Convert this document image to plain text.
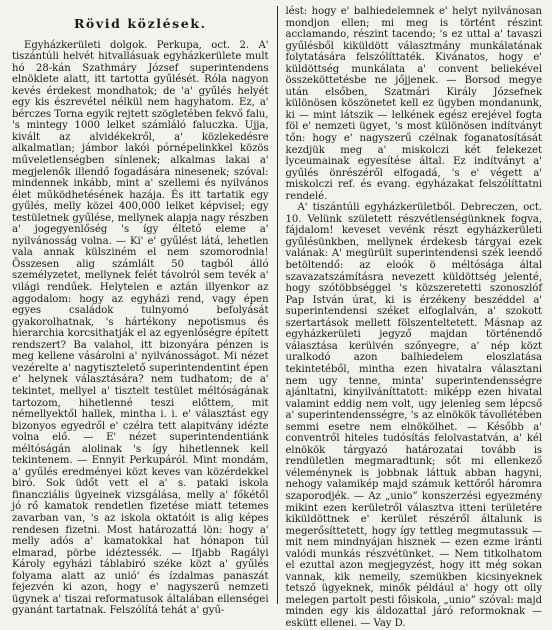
Rövid közlések.

Egyházkerületi dolgok. Perkupa, oct. 2. A' tiszántúli helvét hitvallásuak egyházkerülete mult hó 28-kán Szathmáry József superintendens elnöklete alatt, itt tartotta gyűlését. Róla nagyon kevés érdekest mondhatok; de 'a' gyűlés helyét egy kis észrevétel nélkül nem hagyhatom. Ez, a' bérczes Torna egyik rejtett szögletében fekvő falu, 's mintegy 1000 lelket számláló faluczka. Ujja, kivált az alvidékekről, a' közlekedésre alkalmatlan; jámbor lakói pórnépelinkkel közös műveletlenségben sínlenek; alkalmas lakai a' megjelenők illendő fogadására ninesenek; szóval: mindennek inkább, mint a' szellemi és nyilvános élet működhetésének hazája. És itt tartatik egy gyűlés, melly közel 400,000 lelket képvisel; egy testületnek gyűlése, mellynek alapja nagy részben a' jogegyenlőség 's így éltető eleme a' nyilvánosság volna. — Ki' e' gyűlést látá, lehetlen vala annak külsziném el nem szomorodnia! Összesen alig számlált 50 tagból álló személyzetet, mellynek felét távolról sem tevék a' világi rendűek. Helytelen e aztán illyenkor az aggodalom: hogy az egyházi rend, vagy épen egyes családok tulnyomó befolyását gyakorolhatnak, 's hártékony nepotismus és hierarchia korcsithatják el az egyenlőségre épített rendszert? Ba valahol, itt bizonyára pénzen is meg kellene vásárolni a' nyilvánosságot. Mi nézet vezérelte a' nagytisztelető superintendentint épen e' helynek választására? nem tudhatom; de a' tekintet, mellyel a' tisztelt testület méltóságának tartozom, hihetlenné teszi előttem, mit némellyektől hallek, mintha i. i. e' választást egy bizonyos egyedről e' czélra tett alapitvány idézte volna elő. — E' nézet superintendentiánk méltóságán alolinak 's így hihetlennek kell tekintenem. — Ennyit Perkupáról. Mint mondám, a' gyűlés eredményei közt keves van közérdekkel biró. Sok üdőt vett el a' s. pataki iskola financziális ügyeinek vizsgálása, melly a' főkétől jó rő kamatok rendetlen fizetése miatt tetemes zavarban van, 's az iskola oktatóit is alig képes rendesen fizetni. Most határozattá lön: hogy a' melly adós a' kamatokkal hat hónapon túl elmarad, pörbe idéztessék. — Ifjabb Ragályi Károly egyházi táblabiró széke közt a' gyűlés folyama alatt az unió' és ízdalmas panaszát fejezvén ki azon, hogy e' nagyszerű nemzeti ügynek a' tiszai reformatusok általában ellenségei gyanánt tartatnak. Felszólítá tehát a' gyű-

lést: hogy e' balhiedelemnek e' helyt nyilvánosan mondjon ellen; mi meg is történt részint acclamando, részint tacendo; 's ez uttal a' tavaszi gyűlésből kiküldött választmány munkálatának folytatására felszólíttaték. Kivánatos, hogy e' küldöttség munkálata a' convent beliekével összeköttetésbe ne jőjjenek. — Borsod megye után elsőben, Szatmári Király Józsefnek különösen köszönetet kell ez ügyben mondanunk, ki — mint látszik — lelkének egész erejével fogta föl e' nemzeti ügyet, 's most különösen indítványt tőn: hogy e' nagyszerű czélnak foganatosítását kezdjük meg a' miskolczi két felekezet lyceumainak egyesítése által. Ez indítványt a' gyűlés önrészéről elfogadá, 's e' végett a' miskolczi ref. és evang. egyházakat felszólíttatni rendelé.

A' tiszántúli egyházkerületből. Debreczen, oct. 10. Velünk született részvétlenségünknek fogva, fájdalom! keveset vevénk részt egyházkerületi gyűlésünkben, mellynek érdekesb tárgyai ezek valának: A' megürült superintendensi szék leendő betöltendő: az eloók ö méltósága által szavazatszámításra nevezett küldöttség jelenté, hogy szótöbbséggel 's közszeretetti szonoszlóf Pap István úrat, ki is érzékeny beszéddel a' superintendensi széket elfoglalván, a' szokott szertartások mellett fölszenteltetett. Másnap az egyházkerületi jegyző majdan történendő választása kerülvén szőnyegre, a' nép közt uralkodó azon balhiedelem eloszlatása tekintetéből, mintha ezen hivatalra választani nem ugy tenne, minta' superintendensségre ajánltatni, kinyilváníttatott: miképp ezen hivatal valamint eddig nem volt, ugy jelenleg sem lépcső a' superintendensségre, 's az elnökök távollétében semmi esetre nem elnökölhet. — Később a' conventről hiteles tudósítás felolvastatván, a' kél elnökök tárgyazó határozatai tovább is rendületlen megmaradtunk; sőt mi ellenkező véleménynek is jobbnak láttuk abban hagyni, nehogy valamikép majd számuk kettőről háromra szaporodjék. — Az „unio” konszerzési egyezmény mikint ezen kerületről választva itteni területére kiküldöttnek e' kerület részéről általunk is megerősíttetett, hogy így tettleg megmutassuk — mit nem mindnyájan hisznek — ezen ezme iránti valódi munkás részvétünket. — Nem titkolhatom el ezuttal azon megjegyzést, hogy itt még sokan vannak, kik nemeily, szemükben kicsinyeknek tetsző ügyeknek, minők például a' hogy ott olly melegen partolt pesti főiskola, „unio” szóval: majd minden egy kis áldozattal járó reformoknak — eskütt ellenei. — Vay D.
